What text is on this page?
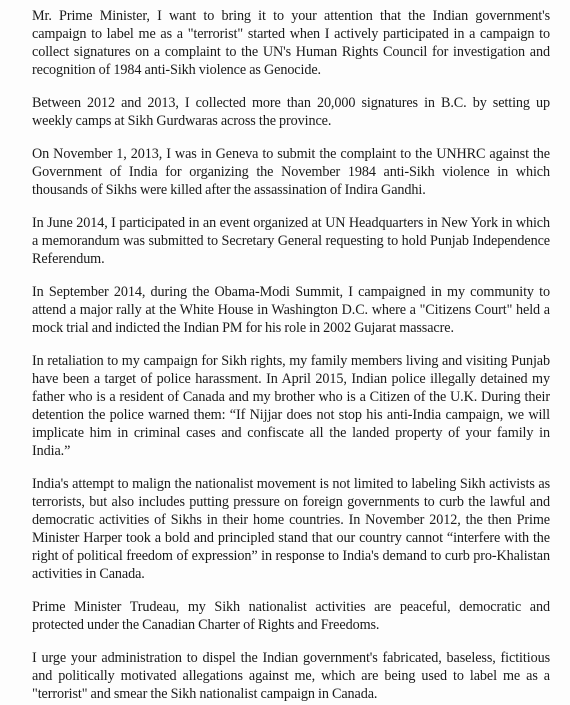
Mr. Prime Minister, I want to bring it to your attention that the Indian government's campaign to label me as a "terrorist" started when I actively participated in a campaign to collect signatures on a complaint to the UN's Human Rights Council for investigation and recognition of 1984 anti-Sikh violence as Genocide.

Between 2012 and 2013, I collected more than 20,000 signatures in B.C. by setting up weekly camps at Sikh Gurdwaras across the province.

On November 1, 2013, I was in Geneva to submit the complaint to the UNHRC against the Government of India for organizing the November 1984 anti-Sikh violence in which thousands of Sikhs were killed after the assassination of Indira Gandhi.

In June 2014, I participated in an event organized at UN Headquarters in New York in which a memorandum was submitted to Secretary General requesting to hold Punjab Independence Referendum.

In September 2014, during the Obama-Modi Summit, I campaigned in my community to attend a major rally at the White House in Washington D.C. where a "Citizens Court" held a mock trial and indicted the Indian PM for his role in 2002 Gujarat massacre.

In retaliation to my campaign for Sikh rights, my family members living and visiting Punjab have been a target of police harassment. In April 2015, Indian police illegally detained my father who is a resident of Canada and my brother who is a Citizen of the U.K. During their detention the police warned them: “If Nijjar does not stop his anti-India campaign, we will implicate him in criminal cases and confiscate all the landed property of your family in India.”

India's attempt to malign the nationalist movement is not limited to labeling Sikh activists as terrorists, but also includes putting pressure on foreign governments to curb the lawful and democratic activities of Sikhs in their home countries. In November 2012, the then Prime Minister Harper took a bold and principled stand that our country cannot “interfere with the right of political freedom of expression” in response to India's demand to curb pro-Khalistan activities in Canada.

Prime Minister Trudeau, my Sikh nationalist activities are peaceful, democratic and protected under the Canadian Charter of Rights and Freedoms.

I urge your administration to dispel the Indian government's fabricated, baseless, fictitious and politically motivated allegations against me, which are being used to label me as a "terrorist" and smear the Sikh nationalist campaign in Canada.
